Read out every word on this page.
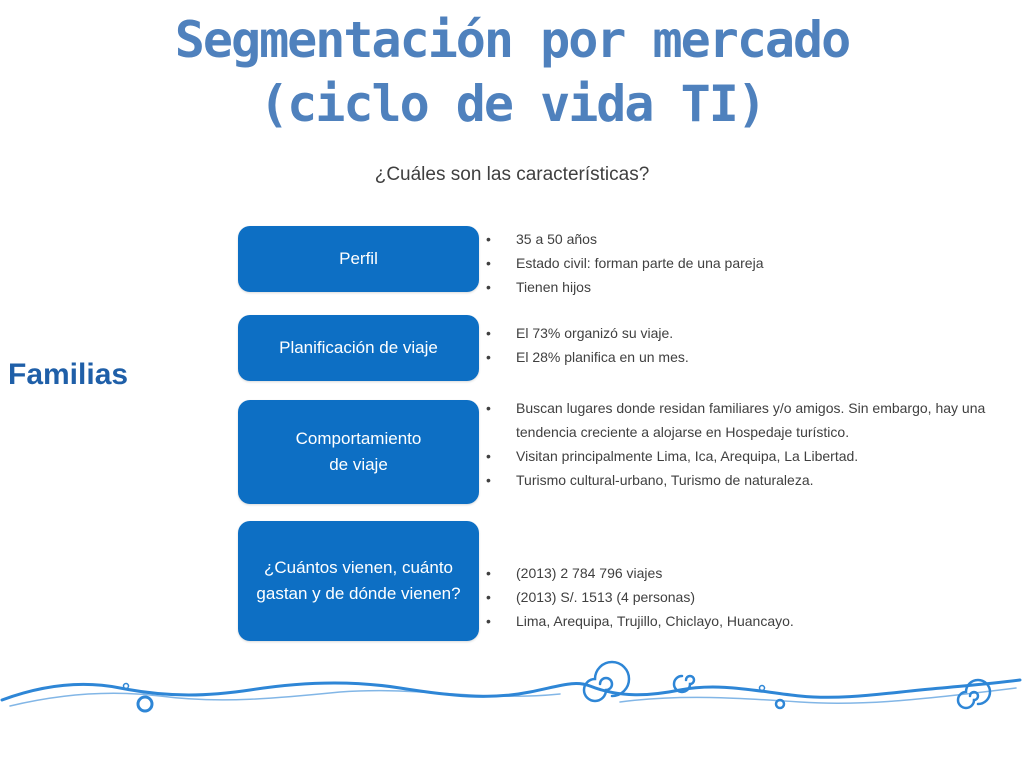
Segmentación por mercado
(ciclo de vida TI)
¿Cuáles son las características?
Familias
Perfil
• 35 a 50 años
• Estado civil: forman parte de una pareja
• Tienen hijos
Planificación de viaje
• El 73% organizó su viaje.
• El 28% planifica en un mes.
Comportamiento
de viaje
• Buscan lugares donde residan familiares y/o amigos. Sin embargo, hay una tendencia creciente a alojarse en Hospedaje turístico.
• Visitan principalmente Lima, Ica, Arequipa, La Libertad.
• Turismo cultural-urbano, Turismo de naturaleza.
¿Cuántos vienen, cuánto
gastan y de dónde vienen?
• (2013) 2 784 796 viajes
• (2013) S/. 1513 (4 personas)
• Lima, Arequipa, Trujillo, Chiclayo, Huancayo.
